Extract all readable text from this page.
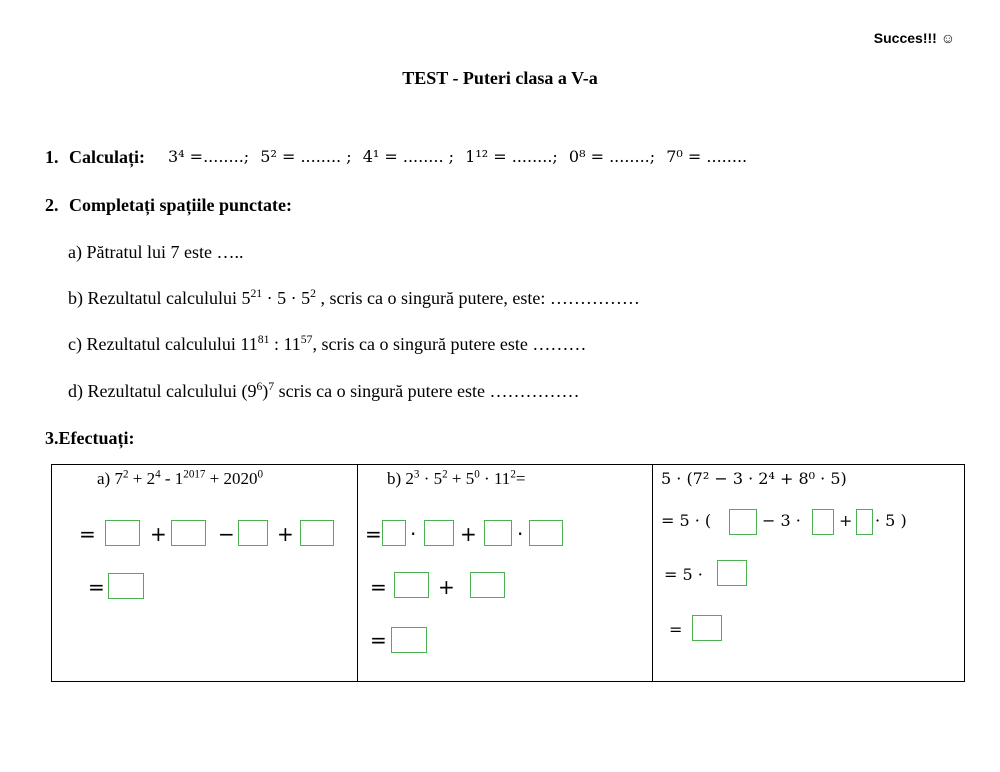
Succes!!! ☺
TEST - Puteri clasa a V-a
1. Calculați: 3⁴ =........; 5² = ........ ; 4¹ = ........ ; 1¹² = ........; 0⁸ = ........; 7⁰ = ........
2. Completați spațiile punctate:
a) Pătratul lui 7 este …..
b) Rezultatul calculului $5^{21} \cdot 5 \cdot 5^2$ , scris ca o singură putere, este: ……………
c) Rezultatul calculului $11^{81}$ : $11^{57}$, scris ca o singură putere este ………
d) Rezultatul calculului $(9^6)^7$ scris ca o singură putere este ……………
3.Efectuați:
a) $7^2 + 2^4 - 1^{2017} + 2020^0$
=	+	− +
=
b) $2^3 \cdot 5^2 + 5^0 \cdot 11^2=$
= · + ·
=	+
=
5 · (7² − 3 · 2⁴ + 8⁰ · 5)
= 5 · (	− 3 · + · 5 )
= 5 ·
=
